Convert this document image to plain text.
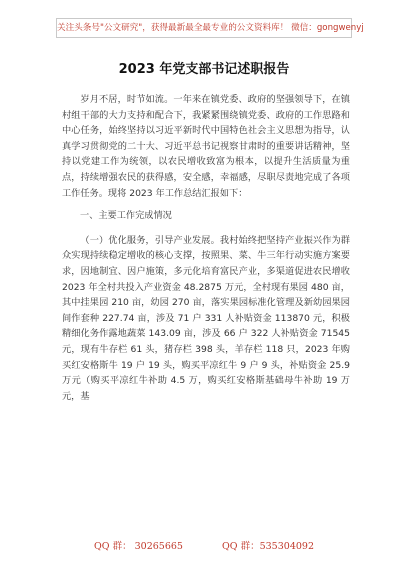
关注头条号"公文研究"，获得最新最全最专业的公文资料库！ 微信：gongwenyj
2023 年党支部书记述职报告

岁月不居，时节如流。一年来在镇党委、政府的坚强领导下，在镇村组干部的大力支持和配合下，我紧紧围绕镇党委、政府的工作思路和中心任务，始终坚持以习近平新时代中国特色社会主义思想为指导，认真学习贯彻党的二十大、习近平总书记视察甘肃时的重要讲话精神，坚持以党建工作为统领，以农民增收致富为根本，以提升生活质量为重点，持续增强农民的获得感，安全感，幸福感，尽职尽责地完成了各项工作任务。现将 2023 年工作总结汇报如下：

一、主要工作完成情况

（一）优化服务，引导产业发展。我村始终把坚持产业振兴作为群众实现持续稳定增收的核心支撑，按照果、菜、牛三年行动实施方案要求，因地制宜、因户施策，多元化培育富民产业，多渠道促进农民增收2023 年全村共投入产业资金 48.2875 万元，全村现有果园 480 亩，其中挂果园 210 亩，幼园 270 亩，落实果园标准化管理及新幼园果园间作套种 227.74 亩，涉及 71 户 331 人补贴资金 113870 元，积极精细化务作露地蔬菜 143.09 亩，涉及 66 户 322 人补贴资金 71545 元，现有牛存栏 61 头，猪存栏 398 头，羊存栏 118 只，2023 年购买红安格斯牛 19 户 19 头，购买平凉红牛 9 户 9 头，补贴资金 25.9 万元（购买平凉红牛补助 4.5 万，购买红安格斯基础母牛补助 19 万元，基

QQ 群： 30265665	QQ 群：535304092
